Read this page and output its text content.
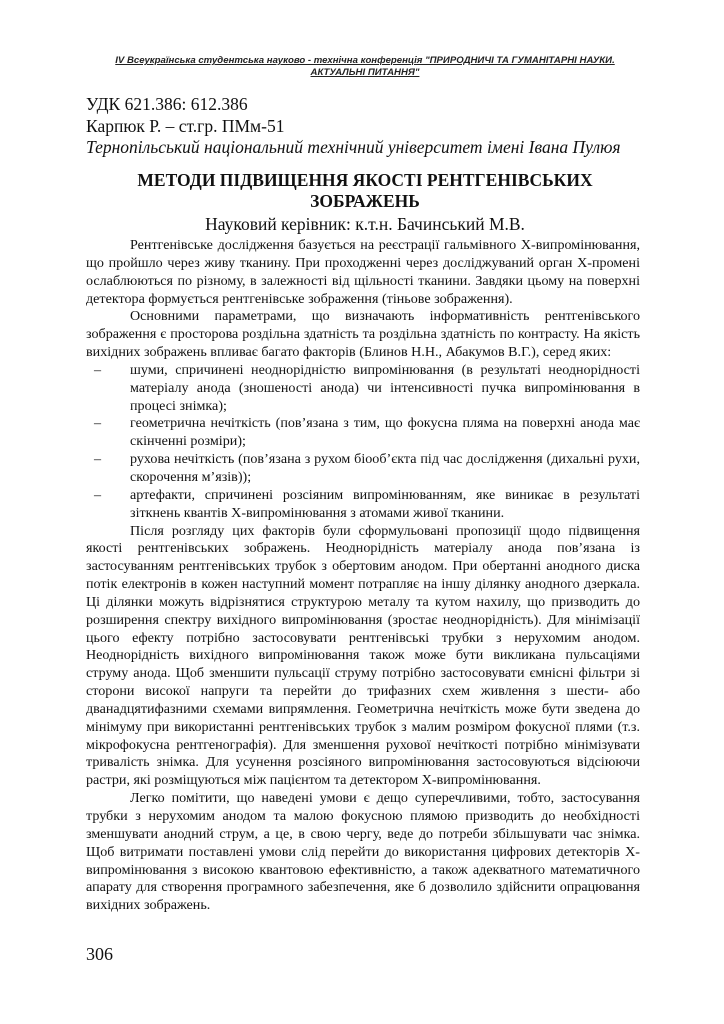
IV Всеукраїнська студентська науково - технічна конференція "ПРИРОДНИЧІ ТА ГУМАНІТАРНІ НАУКИ. АКТУАЛЬНІ ПИТАННЯ"
УДК 621.386: 612.386
Карпюк Р. – ст.гр. ПМм-51
Тернопільський національний технічний університет імені Івана Пулюя
МЕТОДИ ПІДВИЩЕННЯ ЯКОСТІ РЕНТГЕНІВСЬКИХ ЗОБРАЖЕНЬ
Науковий керівник: к.т.н. Бачинський М.В.

Рентгенівське дослідження базується на реєстрації гальмівного Х-випромінювання, що пройшло через живу тканину. При проходженні через досліджуваний орган Х-промені ослаблюються по різному, в залежності від щільності тканини. Завдяки цьому на поверхні детектора формується рентгенівське зображення (тіньове зображення).

Основними параметрами, що визначають інформативність рентгенівського зображення є просторова роздільна здатність та роздільна здатність по контрасту. На якість вихідних зображень впливає багато факторів (Блинов Н.Н., Абакумов В.Г.), серед яких:

– шуми, спричинені неоднорідністю випромінювання (в результаті неоднорідності матеріалу анода (зношеності анода) чи інтенсивності пучка випромінювання в процесі знімка);
– геометрична нечіткість (пов’язана з тим, що фокусна пляма на поверхні анода має скінченні розміри);
– рухова нечіткість (пов’язана з рухом біооб’єкта під час дослідження (дихальні рухи, скорочення м’язів));
– артефакти, спричинені розсіяним випромінюванням, яке виникає в результаті зіткнень квантів Х-випромінювання з атомами живої тканини.

Після розгляду цих факторів були сформульовані пропозиції щодо підвищення якості рентгенівських зображень. Неоднорідність матеріалу анода пов’язана із застосуванням рентгенівських трубок з обертовим анодом. При обертанні анодного диска потік електронів в кожен наступний момент потрапляє на іншу ділянку анодного дзеркала. Ці ділянки можуть відрізнятися структурою металу та кутом нахилу, що призводить до розширення спектру вихідного випромінювання (зростає неоднорідність). Для мінімізації цього ефекту потрібно застосовувати рентгенівські трубки з нерухомим анодом. Неоднорідність вихідного випромінювання також може бути викликана пульсаціями струму анода. Щоб зменшити пульсації струму потрібно застосовувати ємнісні фільтри зі сторони високої напруги та перейти до трифазних схем живлення з шести- або дванадцятифазними схемами випрямлення. Геометрична нечіткість може бути зведена до мінімуму при використанні рентгенівських трубок з малим розміром фокусної плями (т.з. мікрофокусна рентгенографія). Для зменшення рухової нечіткості потрібно мінімізувати тривалість знімка. Для усунення розсіяного випромінювання застосовуються відсіюючи растри, які розміщуються між пацієнтом та детектором Х-випромінювання.

Легко помітити, що наведені умови є дещо суперечливими, тобто, застосування трубки з нерухомим анодом та малою фокусною плямою призводить до необхідності зменшувати анодний струм, а це, в свою чергу, веде до потреби збільшувати час знімка. Щоб витримати поставлені умови слід перейти до використання цифрових детекторів Х-випромінювання з високою квантовою ефективністю, а також адекватного математичного апарату для створення програмного забезпечення, яке б дозволило здійснити опрацювання вихідних зображень.

306
